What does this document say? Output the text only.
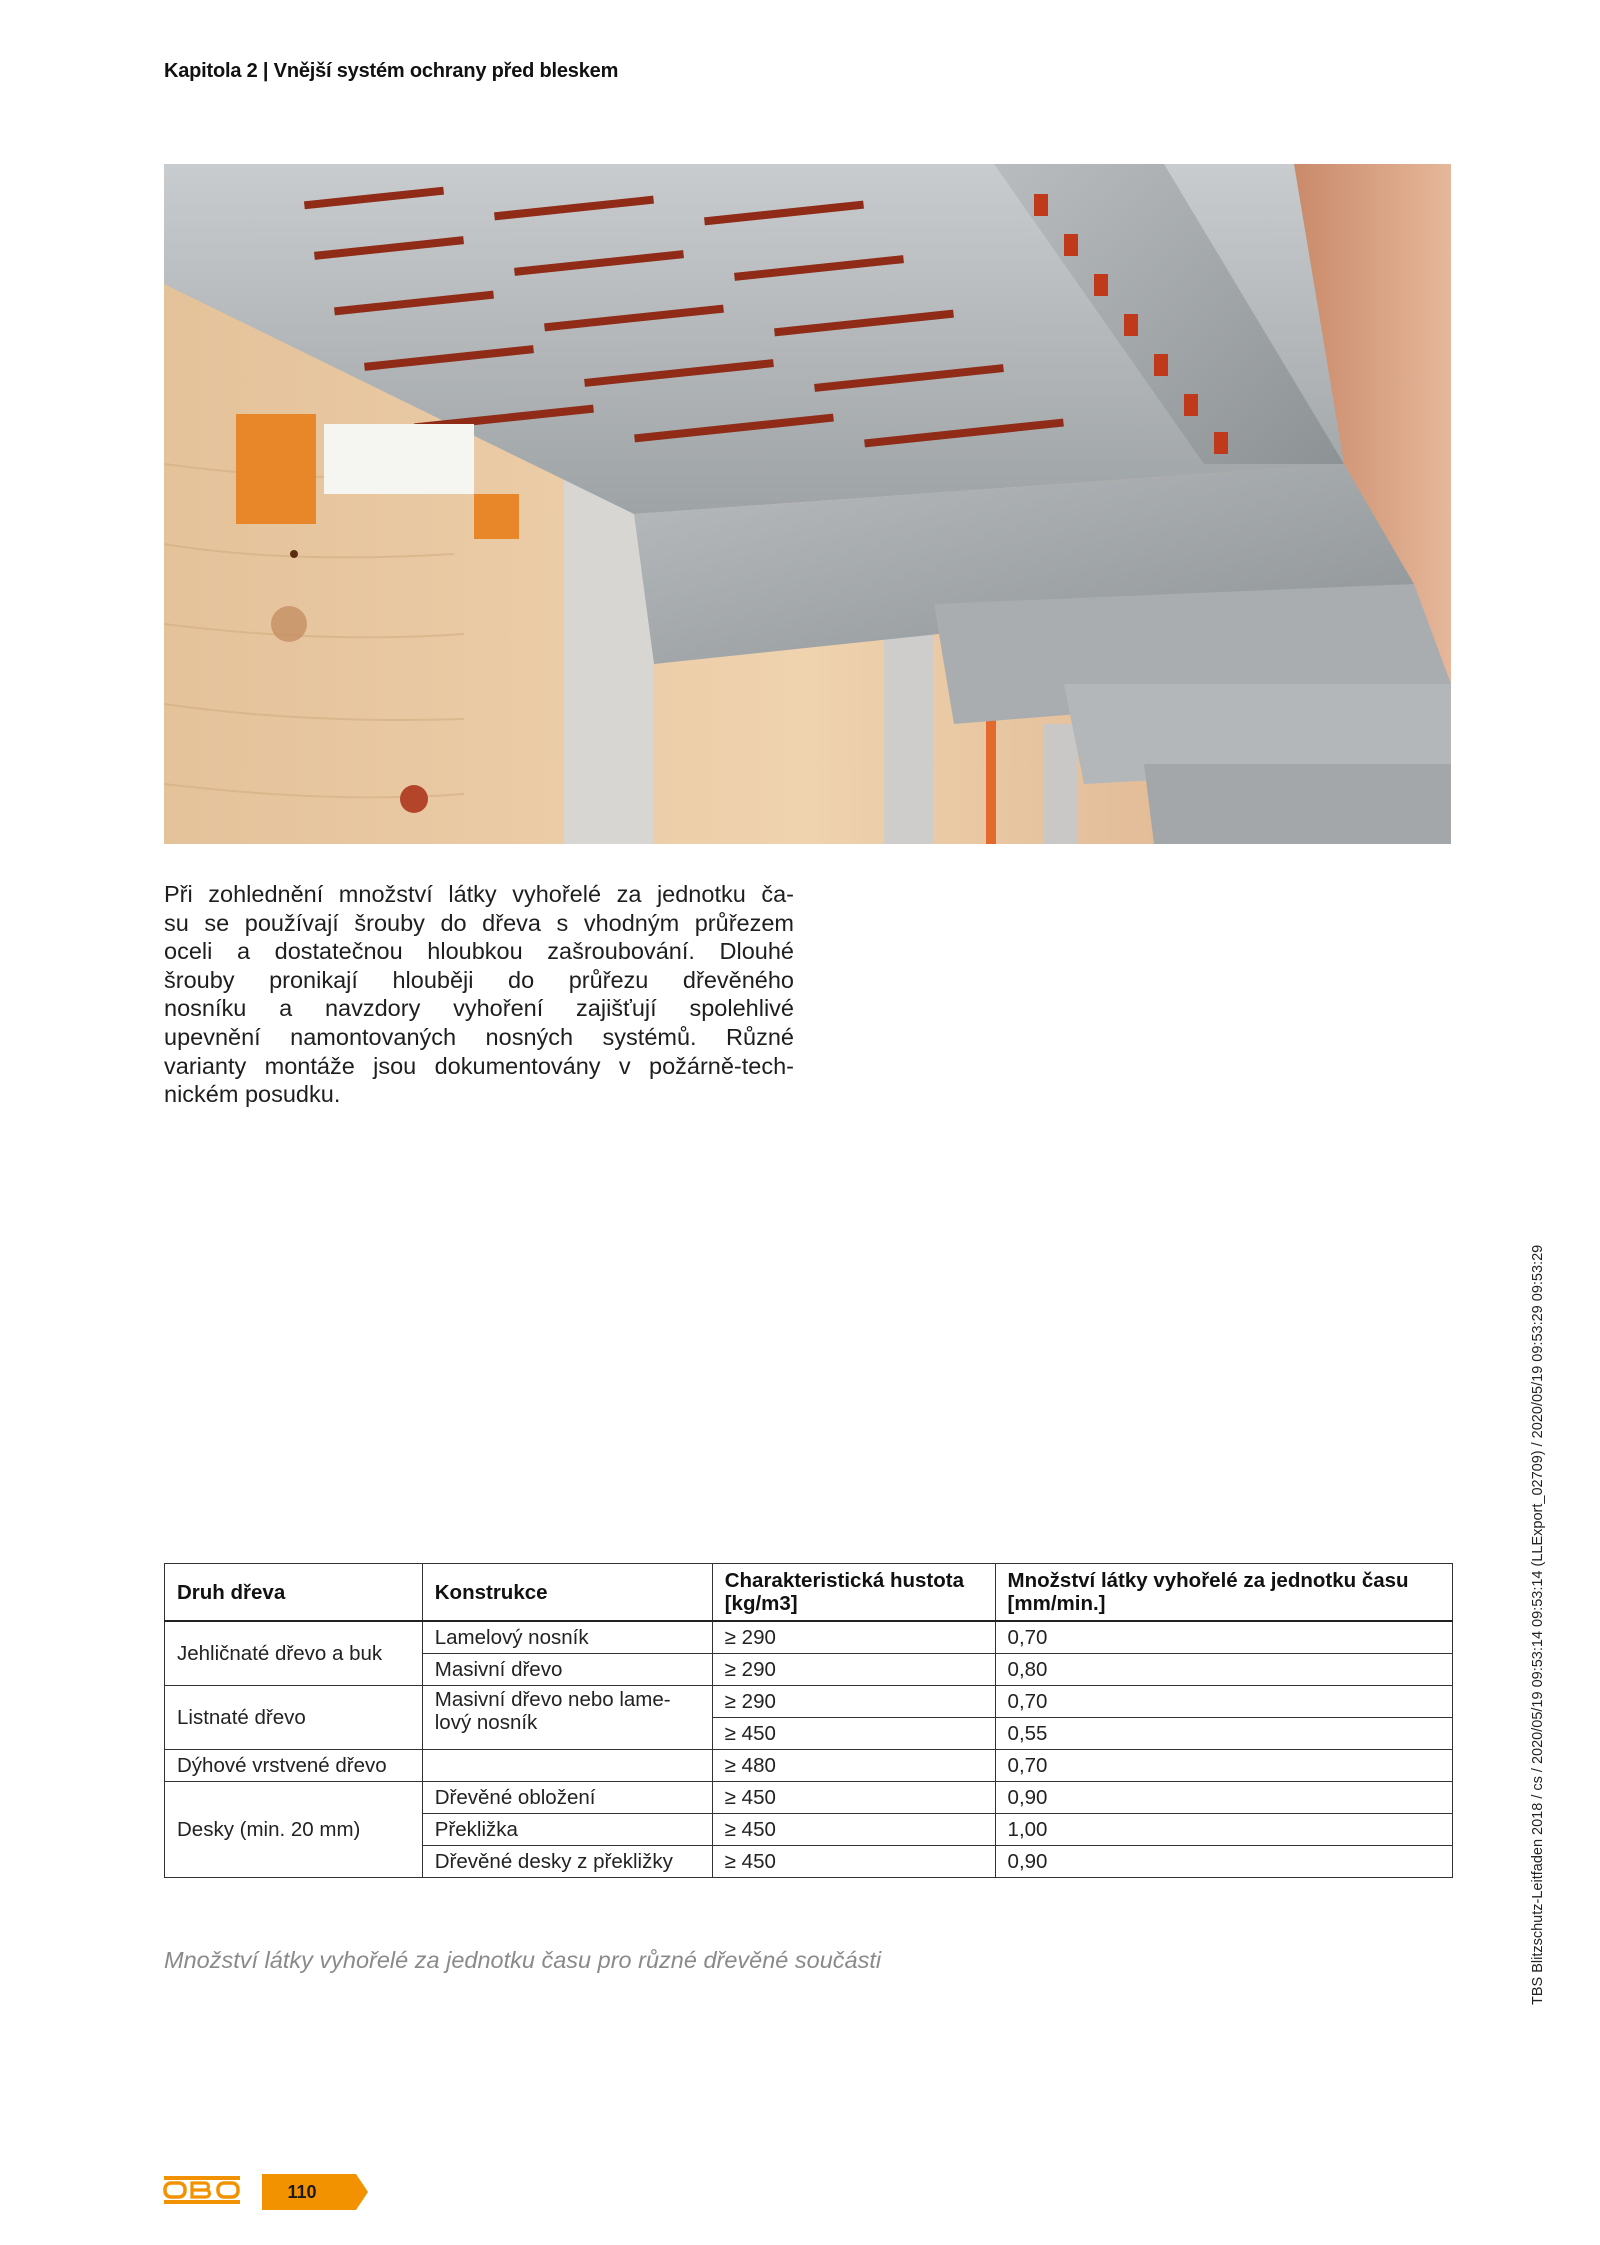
Kapitola 2 | Vnější systém ochrany před bleskem
Při zohlednění množství látky vyhořelé za jednotku ča-
su se používají šrouby do dřeva s vhodným průřezem
oceli a dostatečnou hloubkou zašroubování. Dlouhé
šrouby pronikají hlouběji do průřezu dřevěného
nosníku a navzdory vyhoření zajišťují spolehlivé
upevnění namontovaných nosných systémů. Různé
varianty montáže jsou dokumentovány v požárně-tech-
nickém posudku.
TBS Blitzschutz-Leitfaden 2018 / cs / 2020/05/19 09:53:14 09:53:14 (LLExport_02709) / 2020/05/19 09:53:29 09:53:29
Druh dřeva	Konstrukce	Charakteristická hustota [kg/m3]	Množství látky vyhořelé za jednotku času [mm/min.]
Jehličnaté dřevo a buk	Lamelový nosník	≥ 290	0,70
	Masivní dřevo	≥ 290	0,80
Listnaté dřevo	Masivní dřevo nebo lame-lový nosník	≥ 290	0,70
		≥ 450	0,55
Dýhové vrstvené dřevo		≥ 480	0,70
Desky (min. 20 mm)	Dřevěné obložení	≥ 450	0,90
	Překližka	≥ 450	1,00
	Dřevěné desky z překližky	≥ 450	0,90
Množství látky vyhořelé za jednotku času pro různé dřevěné součásti
110
